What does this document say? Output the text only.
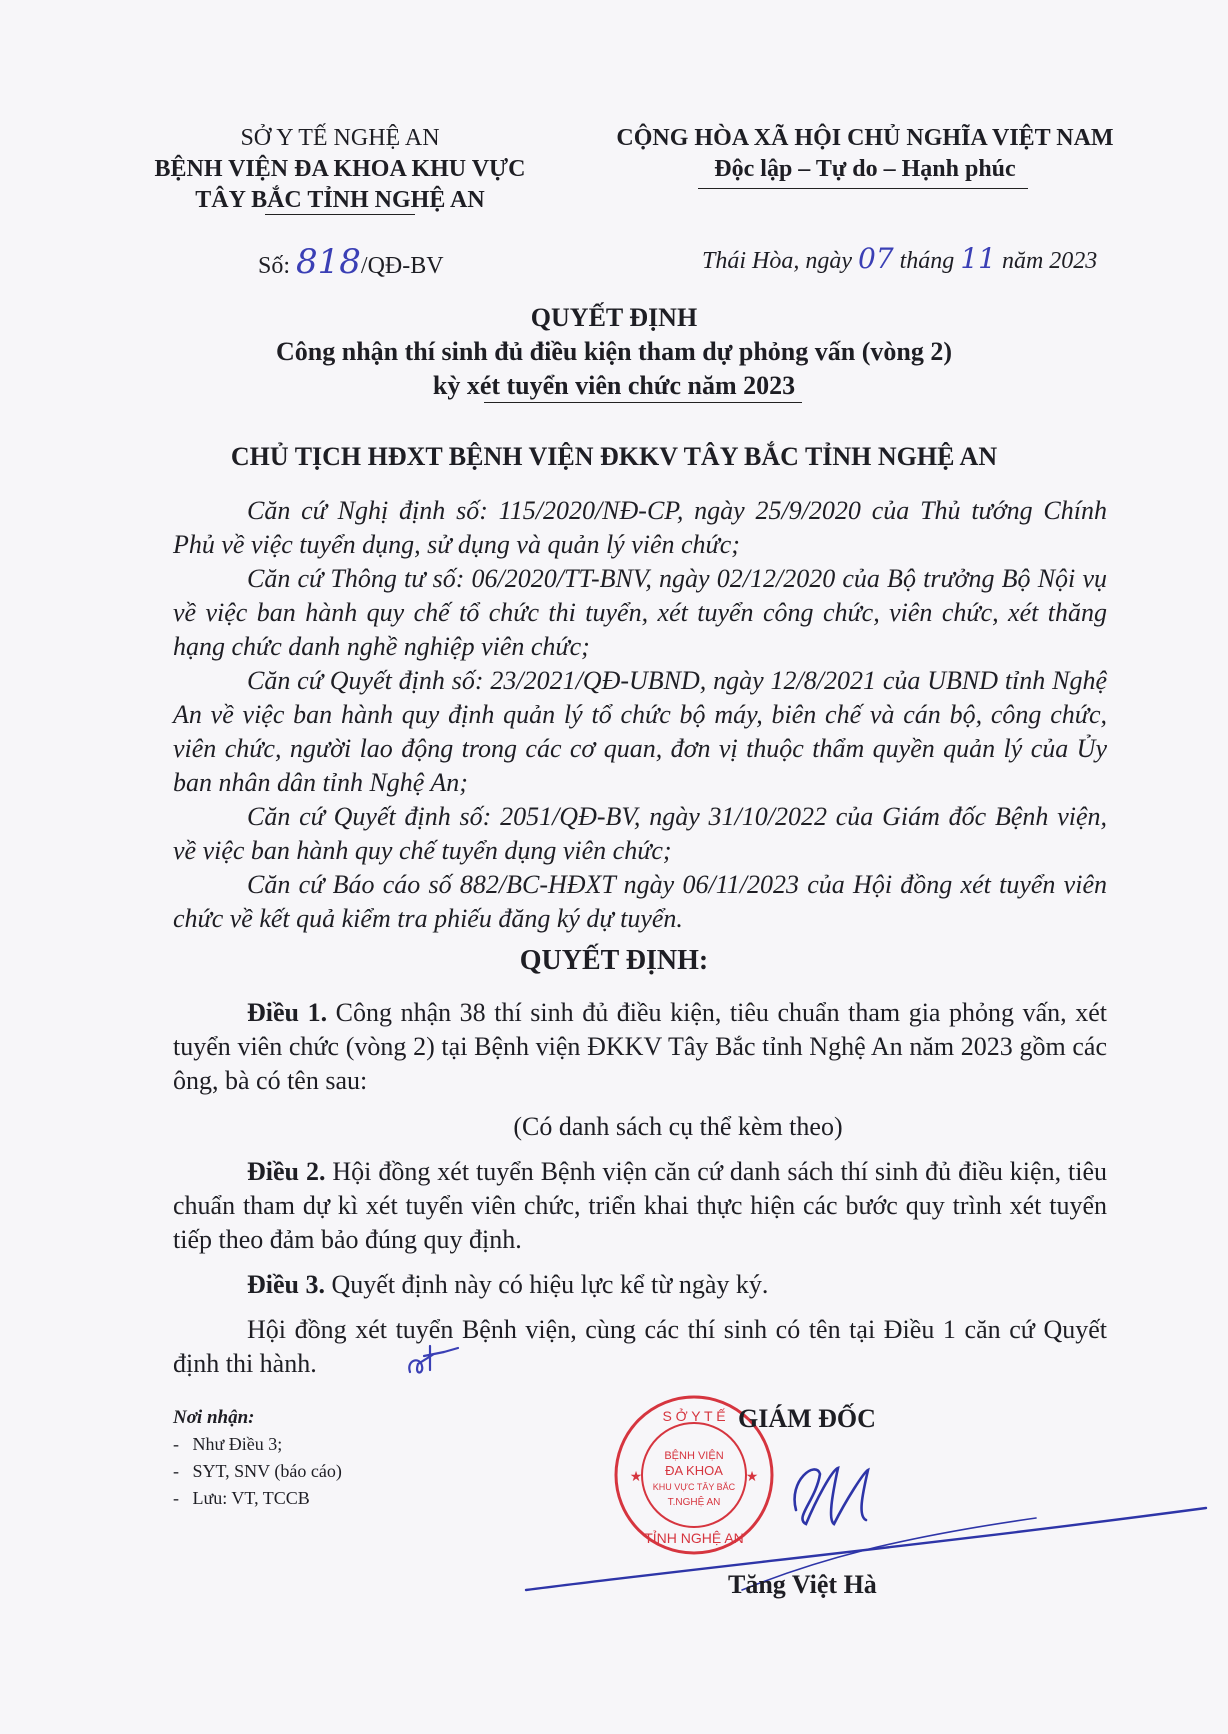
SỞ Y TẾ NGHỆ AN
BỆNH VIỆN ĐA KHOA KHU VỰC
TÂY BẮC TỈNH NGHỆ AN
CỘNG HÒA XÃ HỘI CHỦ NGHĨA VIỆT NAM
Độc lập – Tự do – Hạnh phúc
Số: 818/QĐ-BV	Thái Hòa, ngày 07 tháng 11 năm 2023
QUYẾT ĐỊNH
Công nhận thí sinh đủ điều kiện tham dự phỏng vấn (vòng 2)
kỳ xét tuyển viên chức năm 2023
CHỦ TỊCH HĐXT BỆNH VIỆN ĐKKV TÂY BẮC TỈNH NGHỆ AN
Căn cứ Nghị định số: 115/2020/NĐ-CP, ngày 25/9/2020 của Thủ tướng Chính Phủ về việc tuyển dụng, sử dụng và quản lý viên chức;
Căn cứ Thông tư số: 06/2020/TT-BNV, ngày 02/12/2020 của Bộ trưởng Bộ Nội vụ về việc ban hành quy chế tổ chức thi tuyển, xét tuyển công chức, viên chức, xét thăng hạng chức danh nghề nghiệp viên chức;
Căn cứ Quyết định số: 23/2021/QĐ-UBND, ngày 12/8/2021 của UBND tỉnh Nghệ An về việc ban hành quy định quản lý tổ chức bộ máy, biên chế và cán bộ, công chức, viên chức, người lao động trong các cơ quan, đơn vị thuộc thẩm quyền quản lý của Ủy ban nhân dân tỉnh Nghệ An;
Căn cứ Quyết định số: 2051/QĐ-BV, ngày 31/10/2022 của Giám đốc Bệnh viện, về việc ban hành quy chế tuyển dụng viên chức;
Căn cứ Báo cáo số 882/BC-HĐXT ngày 06/11/2023 của Hội đồng xét tuyển viên chức về kết quả kiểm tra phiếu đăng ký dự tuyển.
QUYẾT ĐỊNH:
Điều 1. Công nhận 38 thí sinh đủ điều kiện, tiêu chuẩn tham gia phỏng vấn, xét tuyển viên chức (vòng 2) tại Bệnh viện ĐKKV Tây Bắc tỉnh Nghệ An năm 2023 gồm các ông, bà có tên sau:
(Có danh sách cụ thể kèm theo)
Điều 2. Hội đồng xét tuyển Bệnh viện căn cứ danh sách thí sinh đủ điều kiện, tiêu chuẩn tham dự kì xét tuyển viên chức, triển khai thực hiện các bước quy trình xét tuyển tiếp theo đảm bảo đúng quy định.
Điều 3. Quyết định này có hiệu lực kể từ ngày ký.
Hội đồng xét tuyển Bệnh viện, cùng các thí sinh có tên tại Điều 1 căn cứ Quyết định thi hành.
Nơi nhận:
-   Như Điều 3;
-   SYT, SNV (báo cáo)
-   Lưu: VT, TCCB
S Ở Y T Ế
TỈNH NGHỆ AN
★	★
BỆNH VIỆN
ĐA KHOA
KHU VỰC TÂY BẮC
T.NGHỆ AN
GIÁM ĐỐC
Tăng Việt Hà
